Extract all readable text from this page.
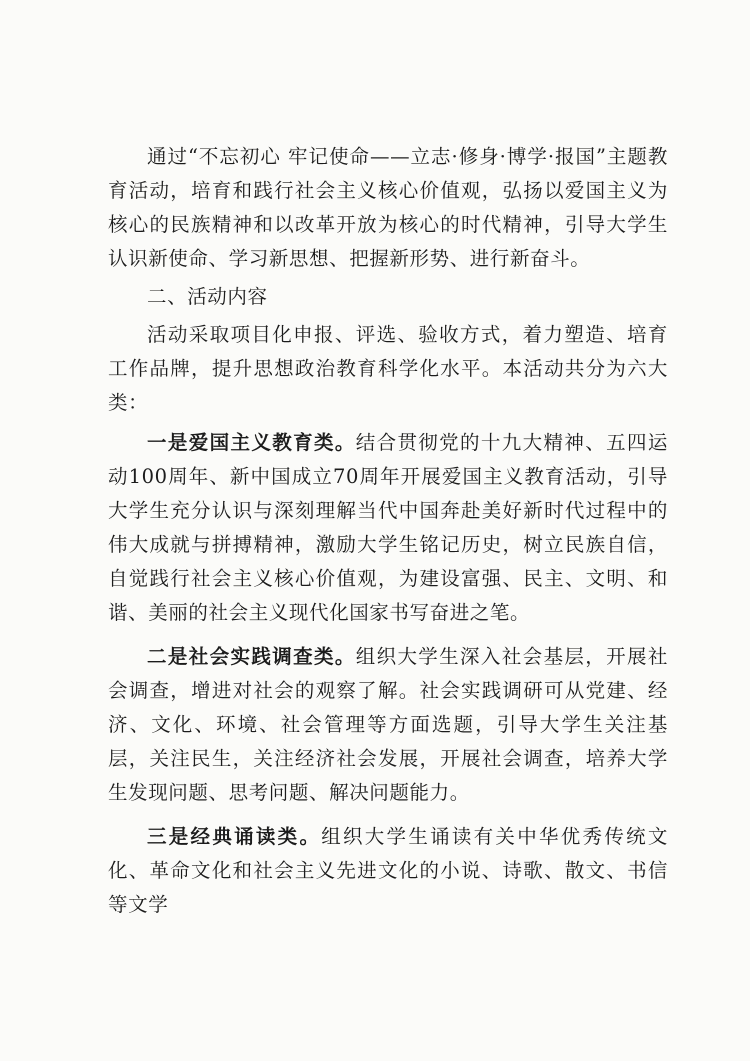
通过“不忘初心 牢记使命——立志·修身·博学·报国”主题教育活动，培育和践行社会主义核心价值观，弘扬以爱国主义为核心的民族精神和以改革开放为核心的时代精神，引导大学生认识新使命、学习新思想、把握新形势、进行新奋斗。

二、活动内容

活动采取项目化申报、评选、验收方式，着力塑造、培育工作品牌，提升思想政治教育科学化水平。本活动共分为六大类：

一是爱国主义教育类。结合贯彻党的十九大精神、五四运动100周年、新中国成立70周年开展爱国主义教育活动，引导大学生充分认识与深刻理解当代中国奔赴美好新时代过程中的伟大成就与拼搏精神，激励大学生铭记历史，树立民族自信，自觉践行社会主义核心价值观，为建设富强、民主、文明、和谐、美丽的社会主义现代化国家书写奋进之笔。

二是社会实践调查类。组织大学生深入社会基层，开展社会调查，增进对社会的观察了解。社会实践调研可从党建、经济、文化、环境、社会管理等方面选题，引导大学生关注基层，关注民生，关注经济社会发展，开展社会调查，培养大学生发现问题、思考问题、解决问题能力。

三是经典诵读类。组织大学生诵读有关中华优秀传统文化、革命文化和社会主义先进文化的小说、诗歌、散文、书信等文学
